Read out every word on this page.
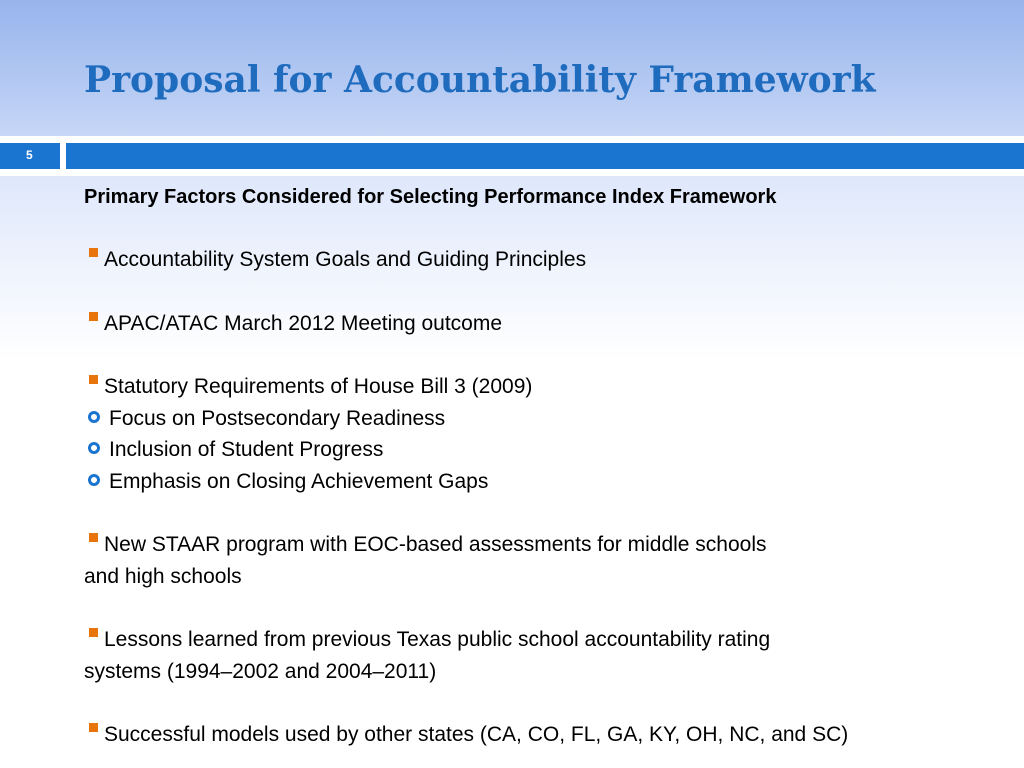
Proposal for Accountability Framework
5

Primary Factors Considered for Selecting Performance Index Framework

Accountability System Goals and Guiding Principles
APAC/ATAC March 2012 Meeting outcome
Statutory Requirements of House Bill 3 (2009)
Focus on Postsecondary Readiness
Inclusion of Student Progress
Emphasis on Closing Achievement Gaps
New STAAR program with EOC-based assessments for middle schools
and high schools
Lessons learned from previous Texas public school accountability rating
systems (1994–2002 and 2004–2011)
Successful models used by other states (CA, CO, FL, GA, KY, OH, NC, and SC)
